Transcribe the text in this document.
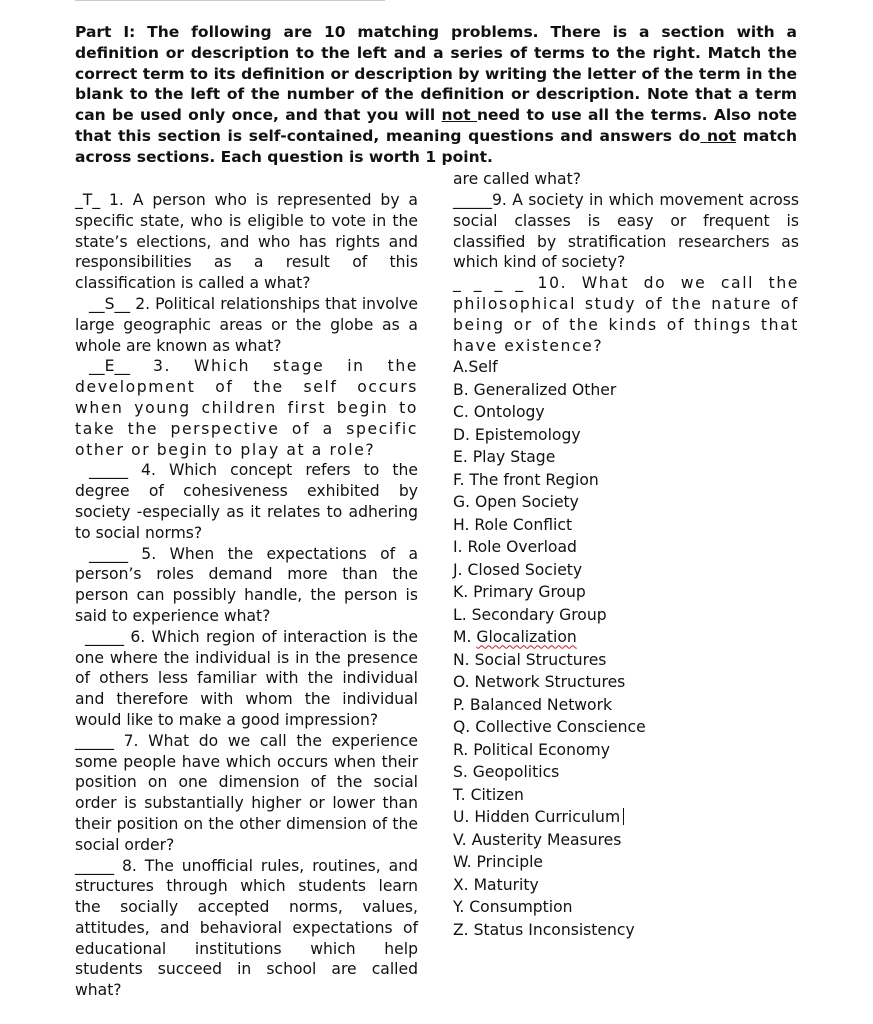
Part I: The following are 10 matching problems. There is a section with a definition or description to the left and a series of terms to the right. Match the correct term to its definition or description by writing the letter of the term in the blank to the left of the number of the definition or description. Note that a term can be used only once, and that you will not need to use all the terms. Also note that this section is self-contained, meaning questions and answers do not match across sections. Each question is worth 1 point.

_T_ 1. A person who is represented by a specific state, who is eligible to vote in the state’s elections, and who has rights and responsibilities as a result of this classification is called a what?

__S__ 2. Political relationships that involve large geographic areas or the globe as a whole are known as what?

__E__ 3. Which stage in the development of the self occurs when young children first begin to take the perspective of a specific other or begin to play at a role?

_____ 4. Which concept refers to the degree of cohesiveness exhibited by society -especially as it relates to adhering to social norms?

_____ 5. When the expectations of a person’s roles demand more than the person can possibly handle, the person is said to experience what?

_____ 6. Which region of interaction is the one where the individual is in the presence of others less familiar with the individual and therefore with whom the individual would like to make a good impression?

_____ 7. What do we call the experience some people have which occurs when their position on one dimension of the social order is substantially higher or lower than their position on the other dimension of the social order?

_____ 8. The unofficial rules, routines, and structures through which students learn the socially accepted norms, values, attitudes, and behavioral expectations of educational institutions which help students succeed in school are called what?

are called what?

_____9. A society in which movement across social classes is easy or frequent is classified by stratification researchers as which kind of society?

_ _ _ _ 10. What do we call the philosophical study of the nature of being or of the kinds of things that have existence?

A.Self
B. Generalized Other
C. Ontology
D. Epistemology
E. Play Stage
F. The front Region
G. Open Society
H. Role Conflict
I. Role Overload
J. Closed Society
K. Primary Group
L. Secondary Group
M. Glocalization
N. Social Structures
O. Network Structures
P. Balanced Network
Q. Collective Conscience
R. Political Economy
S. Geopolitics
T. Citizen
U. Hidden Curriculum
V. Austerity Measures
W. Principle
X. Maturity
Y. Consumption
Z. Status Inconsistency
